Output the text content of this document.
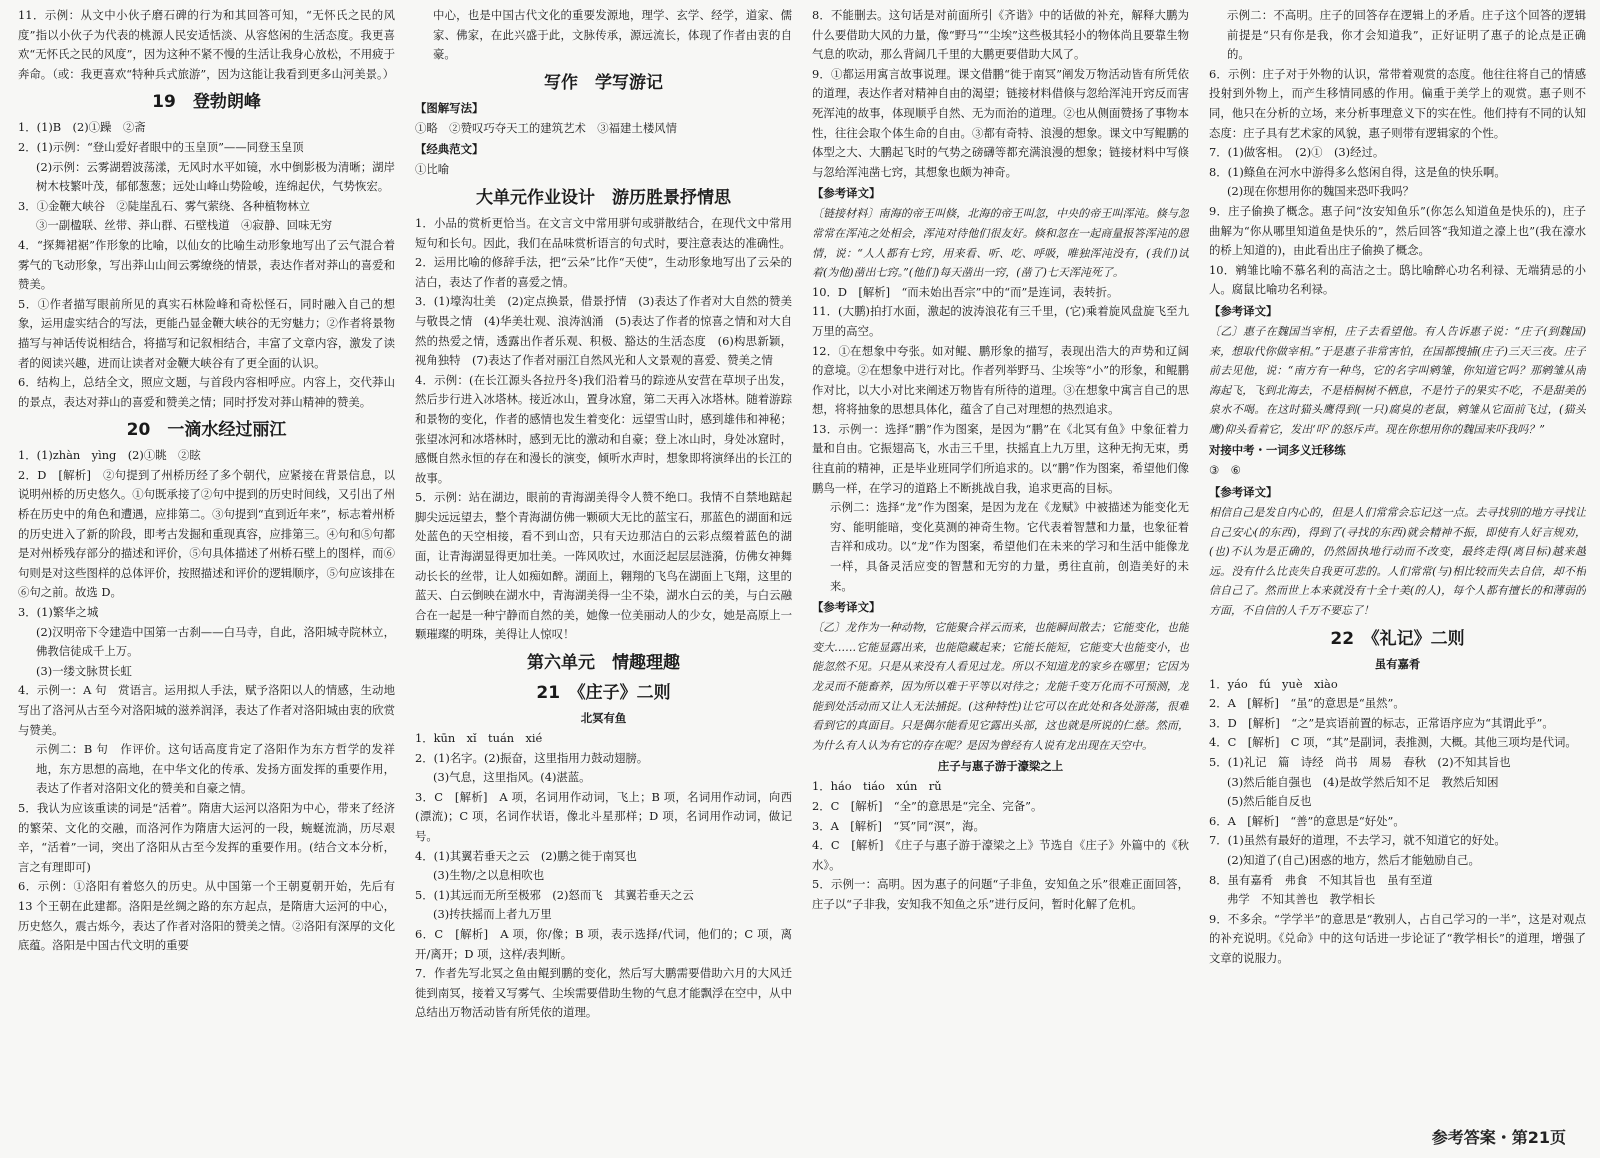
11．示例：从文中小伙子磨石碑的行为和其回答可知，“无怀氏之民的风度”指以小伙子为代表的桃源人民安适恬淡、从容悠闲的生活态度。我更喜欢“无怀氏之民的风度”，因为这种不紧不慢的生活让我身心放松，不用疲于奔命。（或：我更喜欢“特种兵式旅游”，因为这能让我看到更多山河美景。）
19　登勃朗峰
1．(1)B　(2)①躁　②斋
2．(1)示例：“登山爱好者眼中的玉皇顶”——同登玉皇顶
(2)示例：云雾湖碧波荡漾，无风时水平如镜，水中倒影极为清晰；湖岸树木枝繁叶茂，郁郁葱葱；远处山峰山势险峻，连绵起伏，气势恢宏。
3．①金鞭大峡谷　②陡崖乱石、雾气萦绕、各种植物林立
③一副楹联、丝带、莽山群、石壁栈道　④寂静、回味无穷
4．“探舞裙裾”作形象的比喻，以仙女的比喻生动形象地写出了云气混合着雾气的飞动形象，写出莽山山间云雾缭绕的情景，表达作者对莽山的喜爱和赞美。
5．①作者描写眼前所见的真实石林险峰和奇松怪石，同时融入自己的想象，运用虚实结合的写法，更能凸显金鞭大峡谷的无穷魅力；②作者将景物描写与神话传说相结合，将描写和记叙相结合，丰富了文章内容，激发了读者的阅读兴趣，进而让读者对金鞭大峡谷有了更全面的认识。
6．结构上，总结全文，照应文题，与首段内容相呼应。内容上，交代莽山的景点，表达对莽山的喜爱和赞美之情；同时抒发对莽山精神的赞美。
20　一滴水经过丽江
1．(1)zhàn　yìng　(2)①眺　②眩
2．D　[解析]　②句提到了州桥历经了多个朝代，应紧接在背景信息，以说明州桥的历史悠久。①句既承接了②句中提到的历史时间线，又引出了州桥在历史中的角色和遭遇，应排第二。③句提到“直到近年来”，标志着州桥的历史进入了新的阶段，即考古发掘和重现真容，应排第三。④句和⑤句都是对州桥残存部分的描述和评价，⑤句具体描述了州桥石壁上的图样，而⑥句则是对这些图样的总体评价，按照描述和评价的逻辑顺序，⑤句应该排在⑥句之前。故选 D。
3．(1)繁华之城
(2)汉明帝下令建造中国第一古刹——白马寺，自此，洛阳城寺院林立，佛教信徒成千上万。
(3)一缕文脉贯长虹
4．示例一：A 句　赏语言。运用拟人手法，赋予洛阳以人的情感，生动地写出了洛河从古至今对洛阳城的滋养润泽，表达了作者对洛阳城由衷的欣赏与赞美。
示例二：B 句　作评价。这句话高度肯定了洛阳作为东方哲学的发祥地，东方思想的高地，在中华文化的传承、发扬方面发挥的重要作用，表达了作者对洛阳文化的赞美和自豪之情。
5．我认为应该重读的词是“活着”。隋唐大运河以洛阳为中心，带来了经济的繁荣、文化的交融，而洛河作为隋唐大运河的一段，蜿蜒流淌，历尽艰辛，“活着”一词，突出了洛阳从古至今发挥的重要作用。(结合文本分析，言之有理即可)
6．示例：①洛阳有着悠久的历史。从中国第一个王朝夏朝开始，先后有 13 个王朝在此建都。洛阳是丝绸之路的东方起点，是隋唐大运河的中心，历史悠久，震古烁今，表达了作者对洛阳的赞美之情。②洛阳有深厚的文化底蕴。洛阳是中国古代文明的重要
中心，也是中国古代文化的重要发源地，理学、玄学、经学，道家、儒家、佛家，在此兴盛于此，文脉传承，源远流长，体现了作者由衷的自豪。
写作　学写游记
【图解写法】
①略　②赞叹巧夺天工的建筑艺术　③福建土楼风情
【经典范文】
①比喻
大单元作业设计　游历胜景抒情思
1．小品的赏析更恰当。在文言文中常用骈句或骈散结合，在现代文中常用短句和长句。因此，我们在品味赏析语言的句式时，要注意表达的准确性。
2．运用比喻的修辞手法，把“云朵”比作“天使”，生动形象地写出了云朵的洁白，表达了作者的喜爱之情。
3．(1)壕沟壮美　(2)定点换景，借景抒情　(3)表达了作者对大自然的赞美与敬畏之情　(4)华美壮观、浪涛汹涌　(5)表达了作者的惊喜之情和对大自然的热爱之情，透露出作者乐观、积极、豁达的生活态度　(6)构思新颖，视角独特　(7)表达了作者对丽江自然风光和人文景观的喜爱、赞美之情
4．示例：(在长江源头各拉丹冬)我们沿着马的踪迹从安营在草坝子出发，然后步行进入冰塔林。接近冰山，置身冰窟，第二天再入冰塔林。随着游踪和景物的变化，作者的感情也发生着变化：远望雪山时，感到雄伟和神秘；张望冰河和冰塔林时，感到无比的激动和自豪；登上冰山时，身处冰窟时，感慨自然永恒的存在和漫长的演变，倾听水声时，想象即将演绎出的长江的故事。
5．示例：站在湖边，眼前的青海湖美得令人赞不绝口。我情不自禁地踮起脚尖远远望去，整个青海湖仿佛一颗硕大无比的蓝宝石，那蓝色的湖面和远处蓝色的天空相接，看不到山峦，只有天边那洁白的云彩点缀着蓝色的湖面，让青海湖显得更加壮美。一阵风吹过，水面泛起层层涟漪，仿佛女神舞动长长的丝带，让人如痴如醉。湖面上，翱翔的飞鸟在湖面上飞翔，这里的蓝天、白云倒映在湖水中，青海湖美得一尘不染，湖水白云的美，与白云融合在一起是一种宁静而自然的美，她像一位美丽动人的少女，她是高原上一颗璀璨的明珠，美得让人惊叹！
第六单元　情趣理趣
21　《庄子》二则
北冥有鱼
1．kūn　xǐ　tuán　xié
2．(1)名字。(2)振奋，这里指用力鼓动翅膀。
(3)气息，这里指风。(4)湛蓝。
3．C　[解析]　A 项，名词用作动词，飞上；B 项，名词用作动词，向西(漂流)；C 项，名词作状语，像北斗星那样；D 项，名词用作动词，做记号。
4．(1)其翼若垂天之云　(2)鹏之徙于南冥也
(3)生物/之以息相吹也
5．(1)其远而无所至极邪　(2)怒而飞　其翼若垂天之云
(3)抟扶摇而上者九万里
6．C　[解析]　A 项，你/像；B 项，表示选择/代词，他们的；C 项，离开/离开；D 项，这样/表判断。
7．作者先写北冥之鱼由鲲到鹏的变化，然后写大鹏需要借助六月的大风迁徙到南冥，接着又写雾气、尘埃需要借助生物的气息才能飘浮在空中，从中总结出万物活动皆有所凭依的道理。
8．不能删去。这句话是对前面所引《齐谐》中的话做的补充，解释大鹏为什么要借助大风的力量，像“野马”“尘埃”这些极其轻小的物体尚且要靠生物气息的吹动，那么背阔几千里的大鹏更要借助大风了。
9．①都运用寓言故事说理。课文借鹏“徙于南冥”阐发万物活动皆有所凭依的道理，表达作者对精神自由的渴望；链接材料借倏与忽给浑沌开窍反而害死浑沌的故事，体现顺乎自然、无为而治的道理。②也从侧面赞扬了事物本性，往往会取个体生命的自由。③都有奇特、浪漫的想象。课文中写鲲鹏的体型之大、大鹏起飞时的气势之磅礴等都充满浪漫的想象；链接材料中写倏与忽给浑沌凿七窍，其想象也颇为神奇。
【参考译文】
〔链接材料〕南海的帝王叫倏，北海的帝王叫忽，中央的帝王叫浑沌。倏与忽常常在浑沌之处相会，浑沌对待他们很友好。倏和忽在一起商量报答浑沌的恩情，说：“人人都有七窍，用来看、听、吃、呼吸，唯独浑沌没有，(我们)试着(为他)凿出七窍。”(他们)每天凿出一窍，(凿了)七天浑沌死了。
10．D　[解析]　“而未始出吾宗”中的“而”是连词，表转折。
11．(大鹏)拍打水面，激起的波涛浪花有三千里，(它)乘着旋风盘旋飞至九万里的高空。
12．①在想象中夸张。如对鲲、鹏形象的描写，表现出浩大的声势和辽阔的意境。②在想象中进行对比。作者列举野马、尘埃等“小”的形象，和鲲鹏作对比，以大小对比来阐述万物皆有所待的道理。③在想象中寓言自己的思想，将将抽象的思想具体化，蕴含了自己对理想的热烈追求。
13．示例一：选择“鹏”作为图案，是因为“鹏”在《北冥有鱼》中象征着力量和自由。它振翅高飞，水击三千里，扶摇直上九万里，这种无拘无束，勇往直前的精神，正是毕业班同学们所追求的。以“鹏”作为图案，希望他们像鹏鸟一样，在学习的道路上不断挑战自我，追求更高的目标。
示例二：选择“龙”作为图案，是因为龙在《龙赋》中被描述为能变化无穷、能明能暗，变化莫测的神奇生物。它代表着智慧和力量，也象征着吉祥和成功。以“龙”作为图案，希望他们在未来的学习和生活中能像龙一样，具备灵活应变的智慧和无穷的力量，勇往直前，创造美好的未来。
【参考译文】
〔乙〕龙作为一种动物，它能聚合祥云而来，也能瞬间散去；它能变化，也能变大……它能显露出来，也能隐藏起来；它能长能短，它能变大也能变小，也能忽然不见。只是从来没有人看见过龙。所以不知道龙的家乡在哪里；它因为龙灵而不能畜养，因为所以难于平等以对待之；龙能千变万化而不可预测，龙能到处活动而又让人无法捕捉。(这种特性)让它可以在此处和各处游荡，很难看到它的真面目。只是偶尔能看见它露出头部，这也就是所说的仁慈。然而，为什么有人认为有它的存在呢？是因为曾经有人说有龙出现在天空中。
庄子与惠子游于濠梁之上
1．háo　tiáo　xún　rǔ
2．C　[解析]　“全”的意思是“完全、完备”。
3．A　[解析]　“冥”同“溟”，海。
4．C　[解析]　《庄子与惠子游于濠梁之上》节选自《庄子》外篇中的《秋水》。
5．示例一：高明。因为惠子的问题“子非鱼，安知鱼之乐”很难正面回答，庄子以“子非我，安知我不知鱼之乐”进行反问，暂时化解了危机。
示例二：不高明。庄子的回答存在逻辑上的矛盾。庄子这个回答的逻辑前提是“只有你是我，你才会知道我”，正好证明了惠子的论点是正确的。
6．示例：庄子对于外物的认识，常带着观赏的态度。他往往将自己的情感投射到外物上，而产生移情同感的作用。偏重于美学上的观赏。惠子则不同，他只在分析的立场，来分析事理意义下的实在性。他们持有不同的认知态度：庄子具有艺术家的风貌，惠子则带有逻辑家的个性。
7．(1)做客相。　(2)①　(3)经过。
8．(1)鲦鱼在河水中游得多么悠闲自得，这是鱼的快乐啊。
(2)现在你想用你的魏国来恐吓我吗？
9．庄子偷换了概念。惠子问“汝安知鱼乐”(你怎么知道鱼是快乐的)，庄子曲解为“你从哪里知道鱼是快乐的”，然后回答“我知道之濠上也”(我在濠水的桥上知道的)，由此看出庄子偷换了概念。
10．鹓雏比喻不慕名利的高洁之士。鸱比喻醉心功名利禄、无端猜忌的小人。腐鼠比喻功名利禄。
【参考译文】
〔乙〕惠子在魏国当宰相，庄子去看望他。有人告诉惠子说：“庄子(到魏国)来，想取代你做宰相。”于是惠子非常害怕，在国都搜捕(庄子)三天三夜。庄子前去见他，说：“南方有一种鸟，它的名字叫鹓雏，你知道它吗？那鹓雏从南海起飞，飞到北海去，不是梧桐树不栖息，不是竹子的果实不吃，不是甜美的泉水不喝。在这时猫头鹰得到(一只)腐臭的老鼠，鹓雏从它面前飞过，(猫头鹰)仰头看着它，发出‘吓’的怒斥声。现在你想用你的魏国来吓我吗？”
对接中考・一词多义迁移练
③　⑥
【参考译文】
相信自己是发自内心的，但是人们常常会忘记这一点。去寻找别的地方寻找让自己安心(的东西)，得到了(寻找的东西)就会精神不振，即使有人好言规劝，(也)不认为是正确的，仍然固执地行动而不改变，最终走得(离目标)越来越远。没有什么比丧失自我更可悲的。人们常常(与)相比较而失去自信，却不相信自己了。然而世上本来就没有十全十美(的人)，每个人都有擅长的和薄弱的方面，不自信的人千万不要忘了！
22　《礼记》二则
虽有嘉肴
1．yáo　fú　yuè　xiào
2．A　[解析]　“虽”的意思是“虽然”。
3．D　[解析]　“之”是宾语前置的标志，正常语序应为“其谓此乎”。
4．C　[解析]　C 项，“其”是副词，表推测，大概。其他三项均是代词。
5．(1)礼记　篇　诗经　尚书　周易　春秋　(2)不知其旨也
(3)然后能自强也　(4)是故学然后知不足　教然后知困
(5)然后能自反也
6．A　[解析]　“善”的意思是“好处”。
7．(1)虽然有最好的道理，不去学习，就不知道它的好处。
(2)知道了(自己)困惑的地方，然后才能勉励自己。
8．虽有嘉肴　弗食　不知其旨也　虽有至道
弗学　不知其善也　教学相长
9．不多余。“学学半”的意思是“教别人，占自己学习的一半”，这是对观点的补充说明。《兑命》中的这句话进一步论证了“教学相长”的道理，增强了文章的说服力。
参考答案・第21页
